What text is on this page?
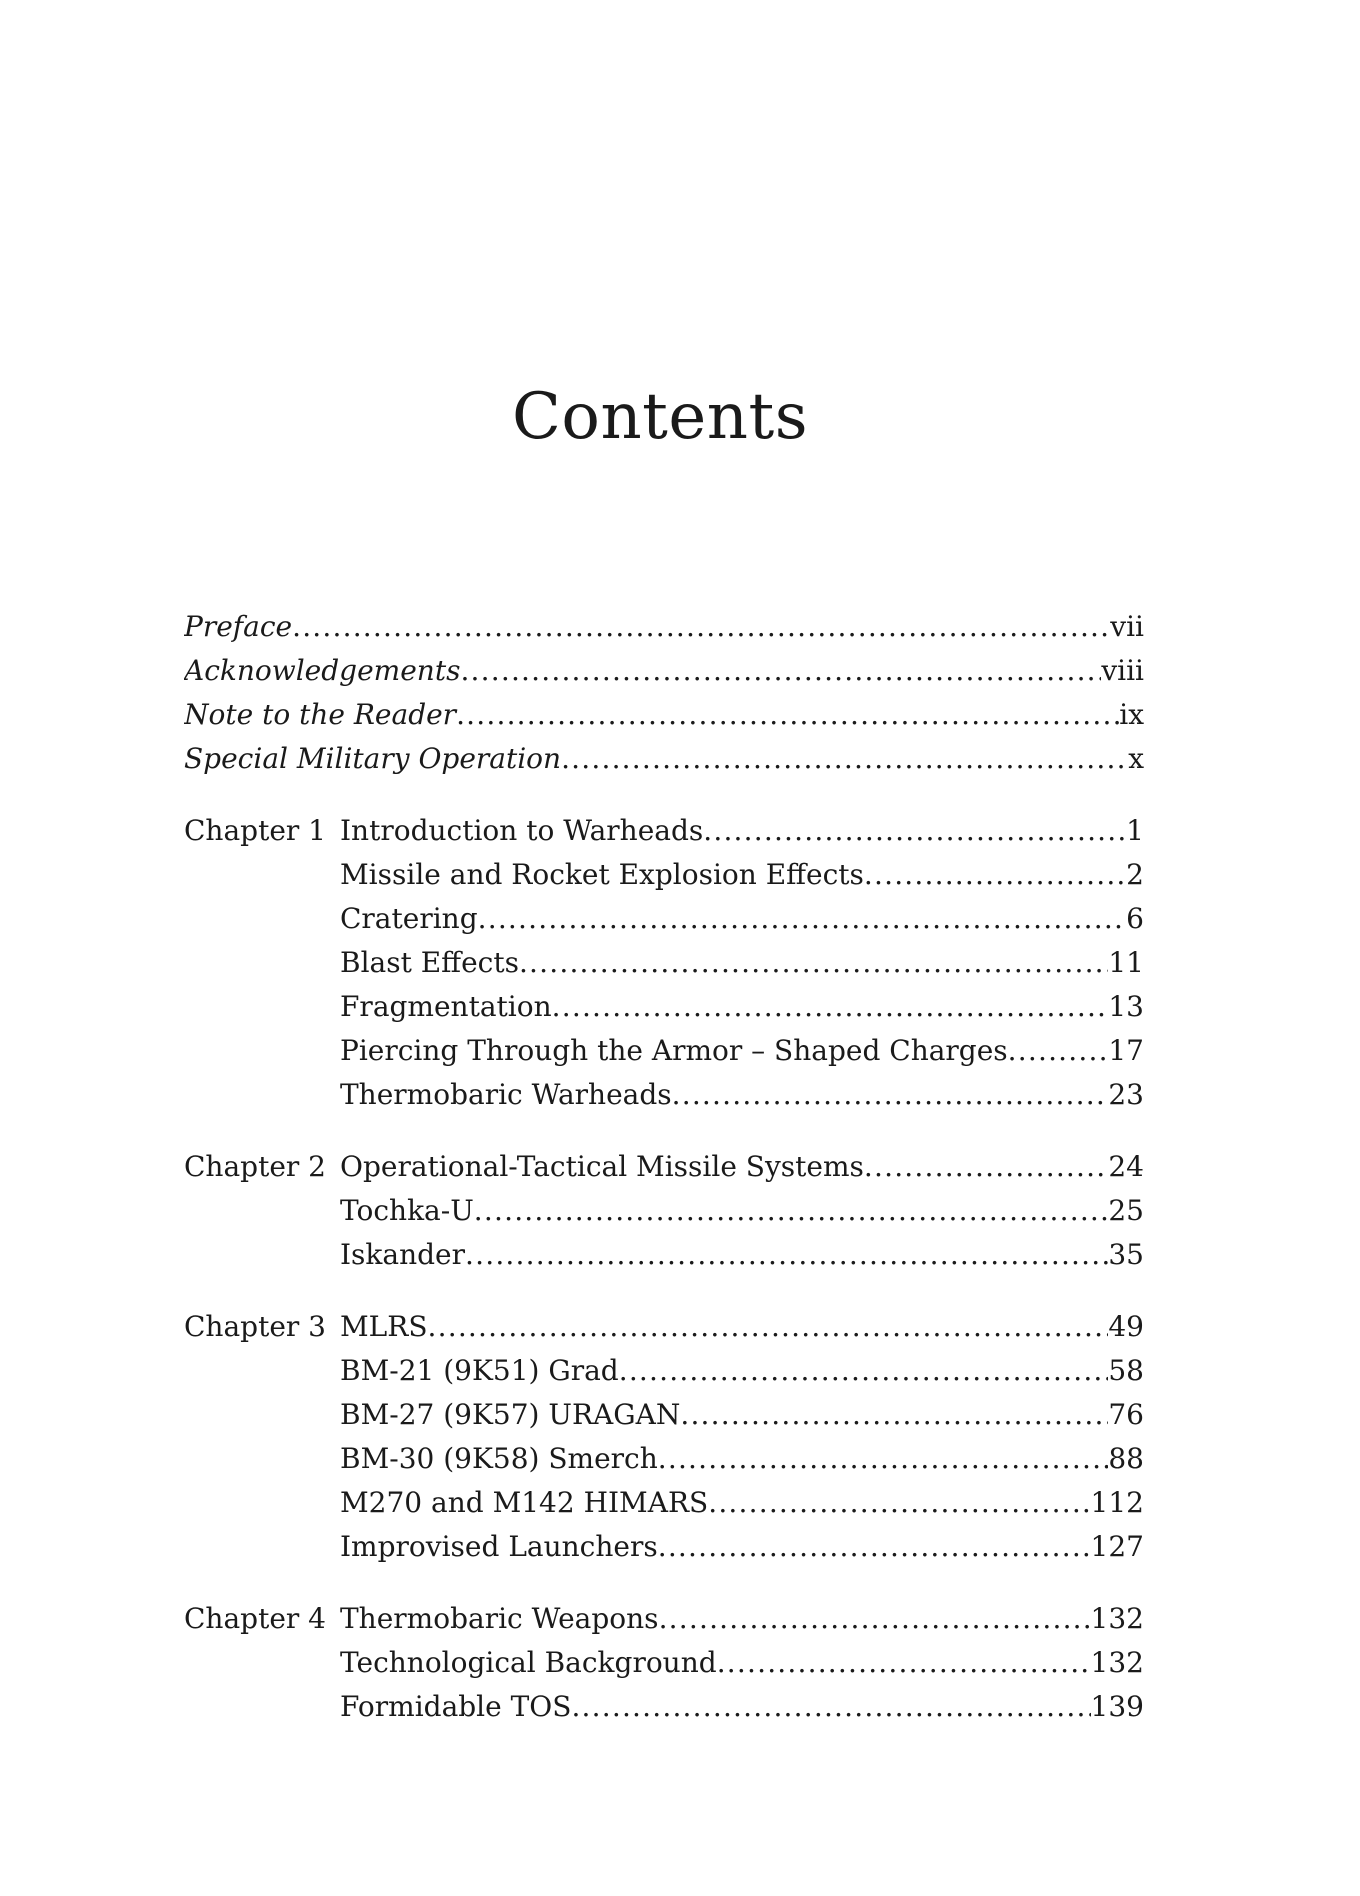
Contents
Preface .....	vii
Acknowledgements .....	viii
Note to the Reader .....	ix
Special Military Operation .....	x
Chapter 1 Introduction to Warheads .....	1
Missile and Rocket Explosion Effects .....	2
Cratering .....	6
Blast Effects .....	11
Fragmentation .....	13
Piercing Through the Armor – Shaped Charges .....	17
Thermobaric Warheads .....	23
Chapter 2 Operational-Tactical Missile Systems .....	24
Tochka-U .....	25
Iskander .....	35
Chapter 3 MLRS .....	49
BM-21 (9K51) Grad .....	58
BM-27 (9K57) URAGAN .....	76
BM-30 (9K58) Smerch .....	88
M270 and M142 HIMARS .....	112
Improvised Launchers .....	127
Chapter 4 Thermobaric Weapons .....	132
Technological Background .....	132
Formidable TOS .....	139
